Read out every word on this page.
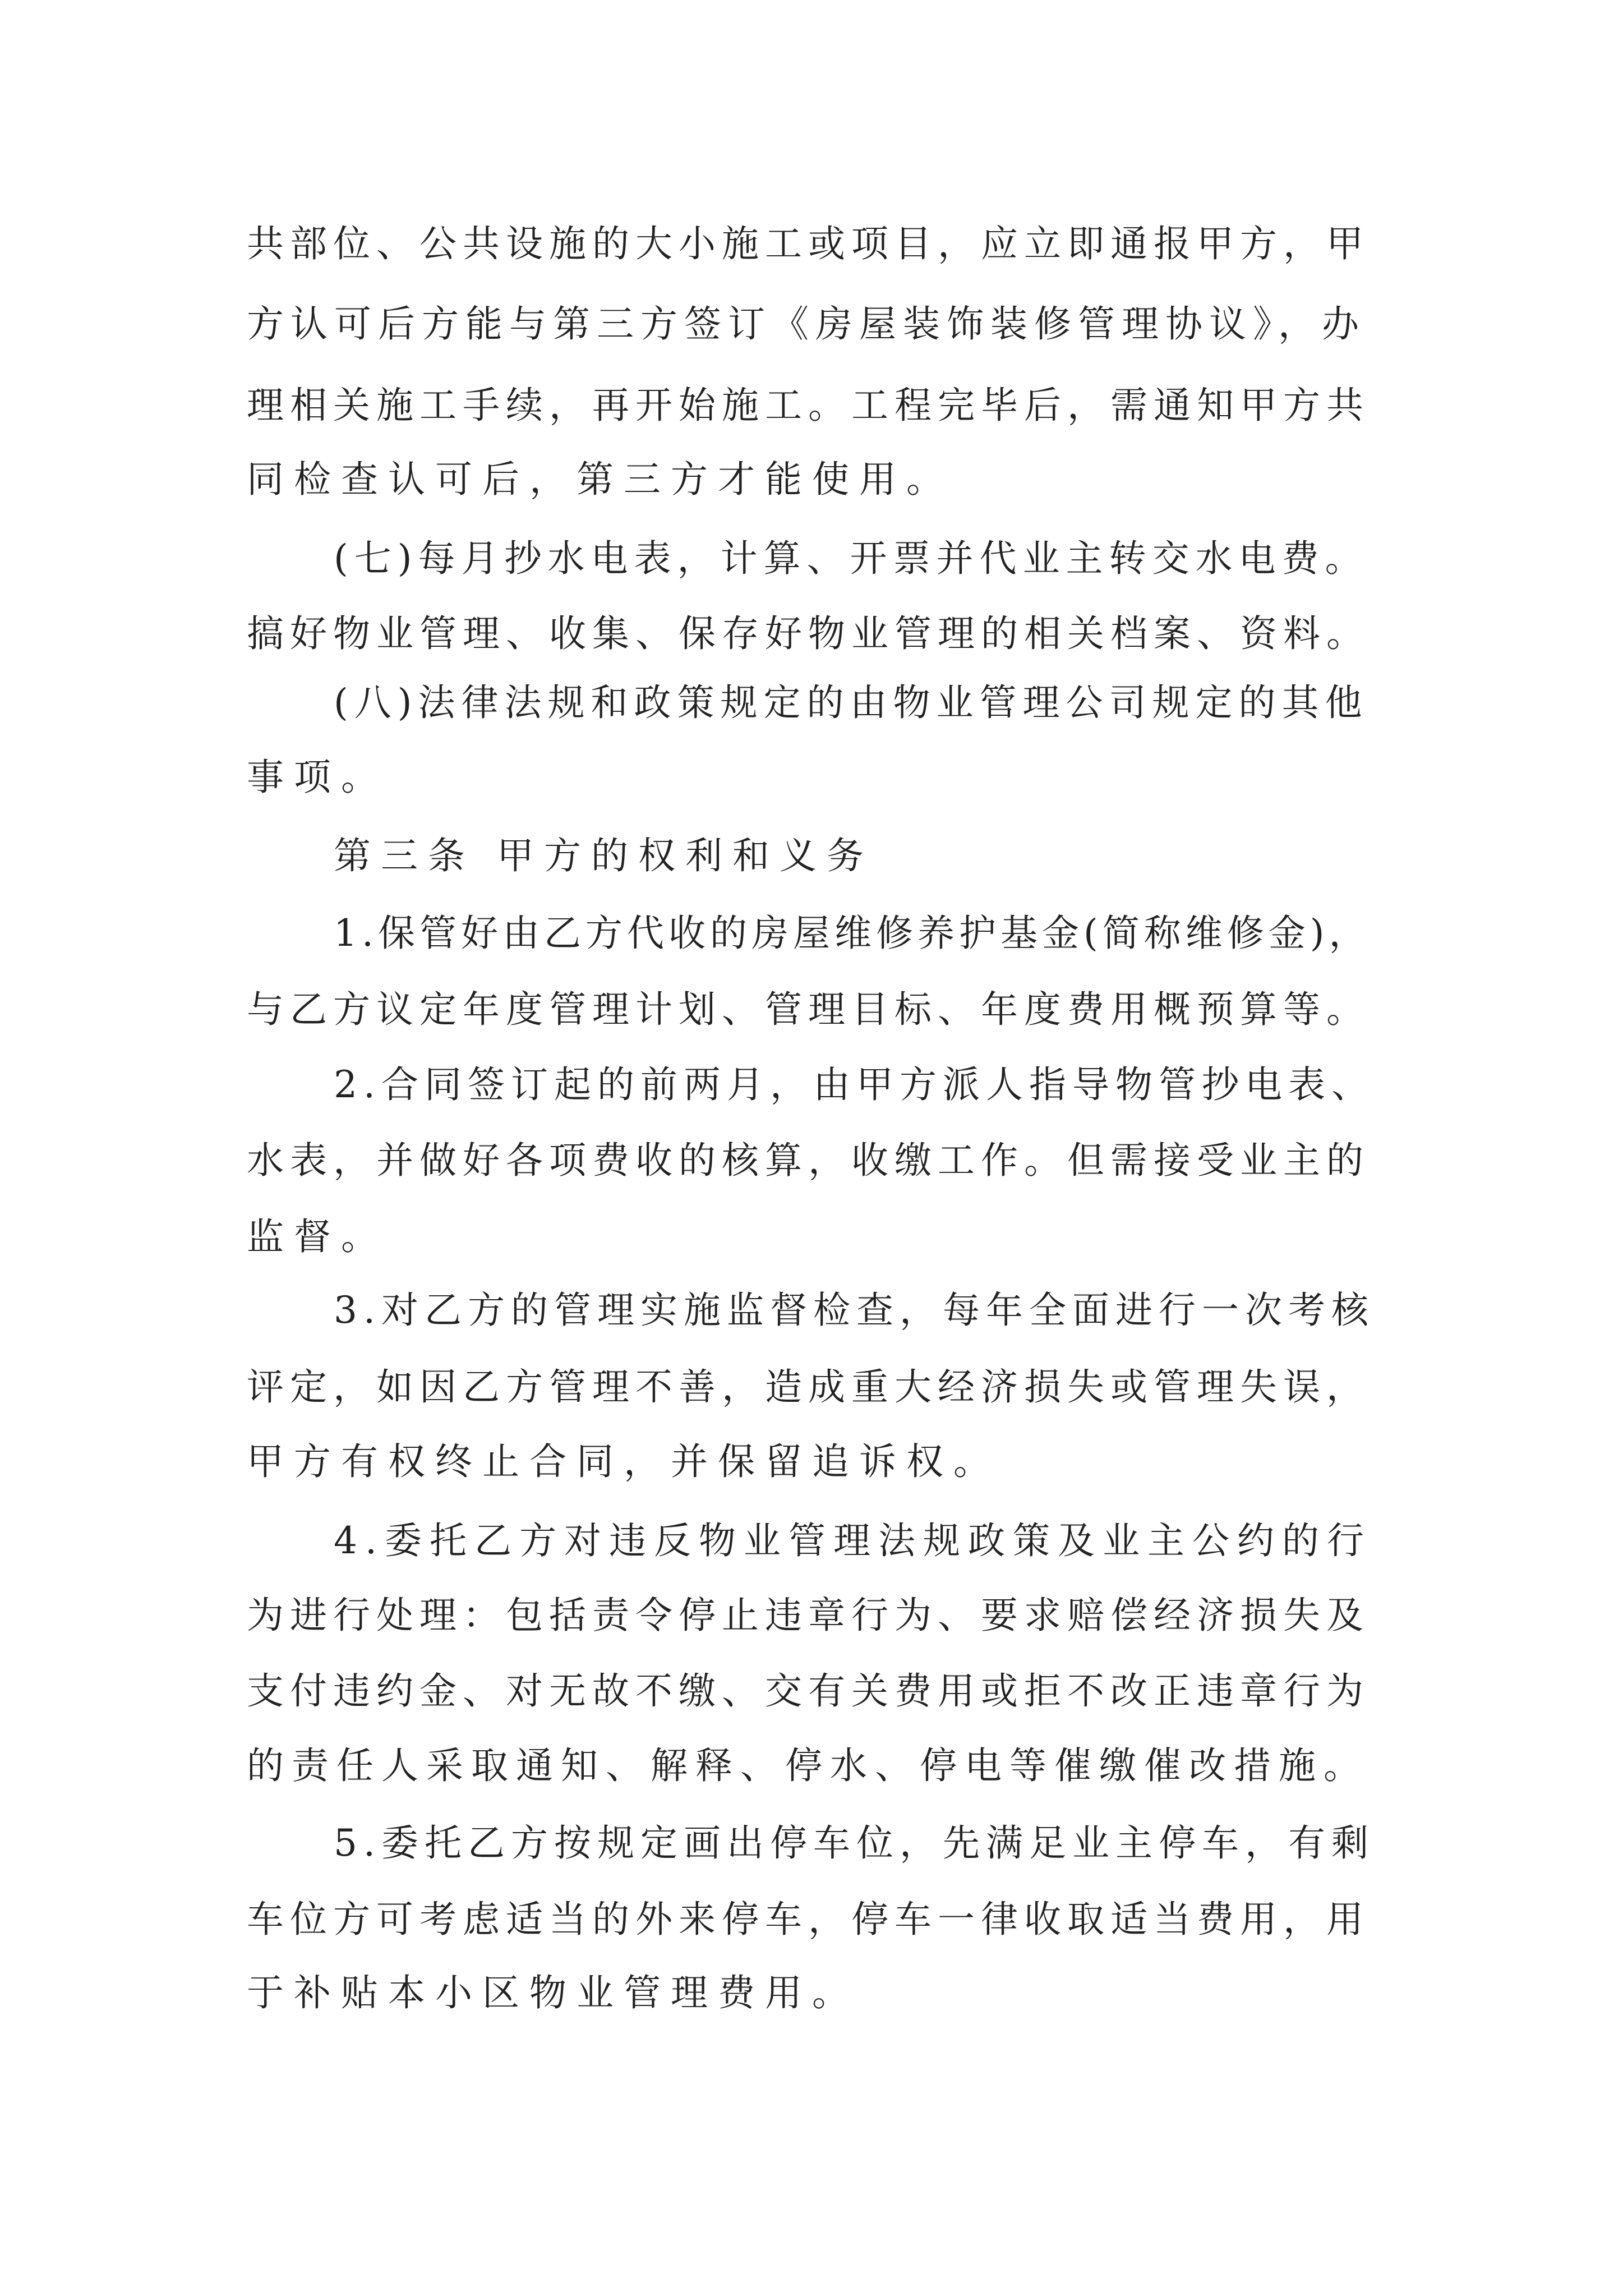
共部位、公共设施的大小施工或项目，应立即通报甲方，甲

方认可后方能与第三方签订《房屋装饰装修管理协议》，办

理相关施工手续，再开始施工。工程完毕后，需通知甲方共

同检查认可后，第三方才能使用。

(七)每月抄水电表，计算、开票并代业主转交水电费。

搞好物业管理、收集、保存好物业管理的相关档案、资料。

(八)法律法规和政策规定的由物业管理公司规定的其他

事项。

第三条 甲方的权利和义务

1.保管好由乙方代收的房屋维修养护基金(简称维修金)，

与乙方议定年度管理计划、管理目标、年度费用概预算等。

2.合同签订起的前两月，由甲方派人指导物管抄电表、

水表，并做好各项费收的核算，收缴工作。但需接受业主的

监督。

3.对乙方的管理实施监督检查，每年全面进行一次考核

评定，如因乙方管理不善，造成重大经济损失或管理失误，

甲方有权终止合同，并保留追诉权。

4.委托乙方对违反物业管理法规政策及业主公约的行

为进行处理：包括责令停止违章行为、要求赔偿经济损失及

支付违约金、对无故不缴、交有关费用或拒不改正违章行为

的责任人采取通知、解释、停水、停电等催缴催改措施。

5.委托乙方按规定画出停车位，先满足业主停车，有剩

车位方可考虑适当的外来停车，停车一律收取适当费用，用

于补贴本小区物业管理费用。
